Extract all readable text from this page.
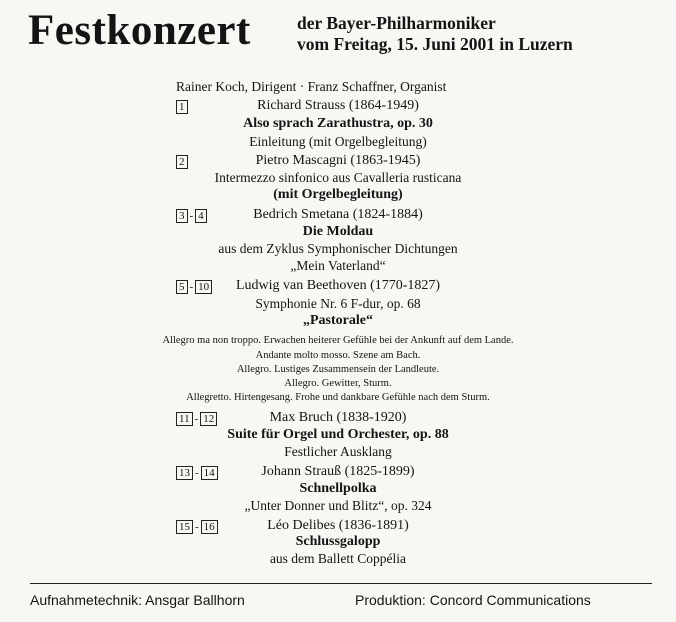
Festkonzert	der Bayer-Philharmoniker
vom Freitag, 15. Juni 2001 in Luzern
Rainer Koch, Dirigent · Franz Schaffner, Organist
1	Richard Strauss (1864-1949)
Also sprach Zarathustra, op. 30
Einleitung (mit Orgelbegleitung)
2	Pietro Mascagni (1863-1945)
Intermezzo sinfonico aus Cavalleria rusticana
(mit Orgelbegleitung)
3 - 4	Bedrich Smetana (1824-1884)
Die Moldau
aus dem Zyklus Symphonischer Dichtungen
„Mein Vaterland“
5 - 10	Ludwig van Beethoven (1770-1827)
Symphonie Nr. 6 F-dur, op. 68
„Pastorale“
Allegro ma non troppo. Erwachen heiterer Gefühle bei der Ankunft auf dem Lande.
Andante molto mosso. Szene am Bach.
Allegro. Lustiges Zusammensein der Landleute.
Allegro. Gewitter, Sturm.
Allegretto. Hirtengesang. Frohe und dankbare Gefühle nach dem Sturm.
11 - 12	Max Bruch (1838-1920)
Suite für Orgel und Orchester, op. 88
Festlicher Ausklang
13 - 14	Johann Strauß (1825-1899)
Schnellpolka
„Unter Donner und Blitz“, op. 324
15 - 16	Léo Delibes (1836-1891)
Schlussgalopp
aus dem Ballett Coppélia
Aufnahmetechnik: Ansgar Ballhorn	Produktion: Concord Communications
